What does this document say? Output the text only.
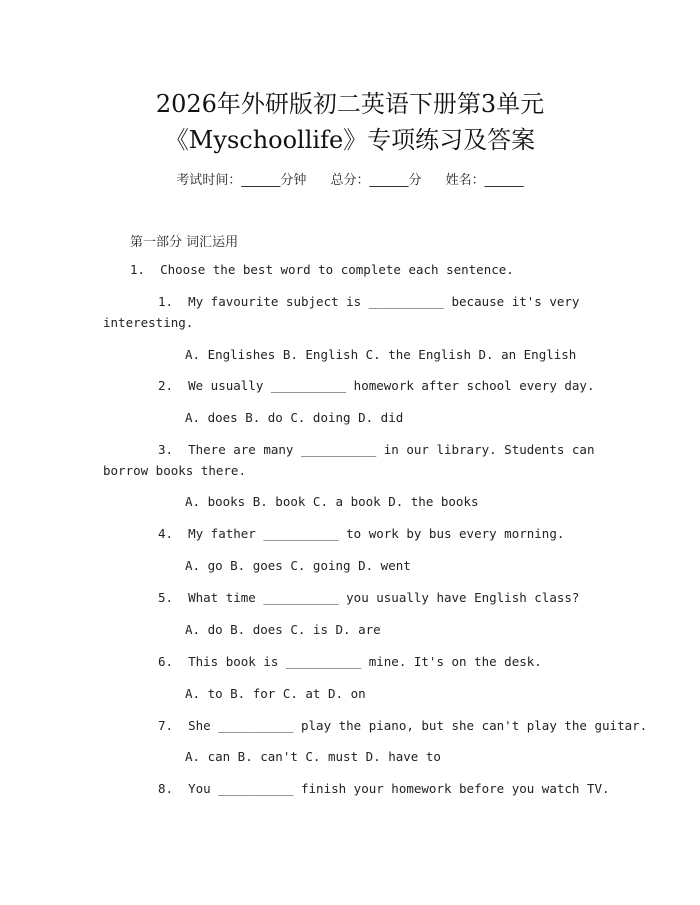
2026年外研版初二英语下册第3单元
《Myschoollife》专项练习及答案
考试时间：______分钟 总分：______分 姓名：______
第一部分 词汇运用
1.  Choose the best word to complete each sentence.
1.  My favourite subject is __________ because it's very
interesting.
A. Englishes B. English C. the English D. an English
2.  We usually __________ homework after school every day.
A. does B. do C. doing D. did
3.  There are many __________ in our library. Students can
borrow books there.
A. books B. book C. a book D. the books
4.  My father __________ to work by bus every morning.
A. go B. goes C. going D. went
5.  What time __________ you usually have English class?
A. do B. does C. is D. are
6.  This book is __________ mine. It's on the desk.
A. to B. for C. at D. on
7.  She __________ play the piano, but she can't play the guitar.
A. can B. can't C. must D. have to
8.  You __________ finish your homework before you watch TV.
